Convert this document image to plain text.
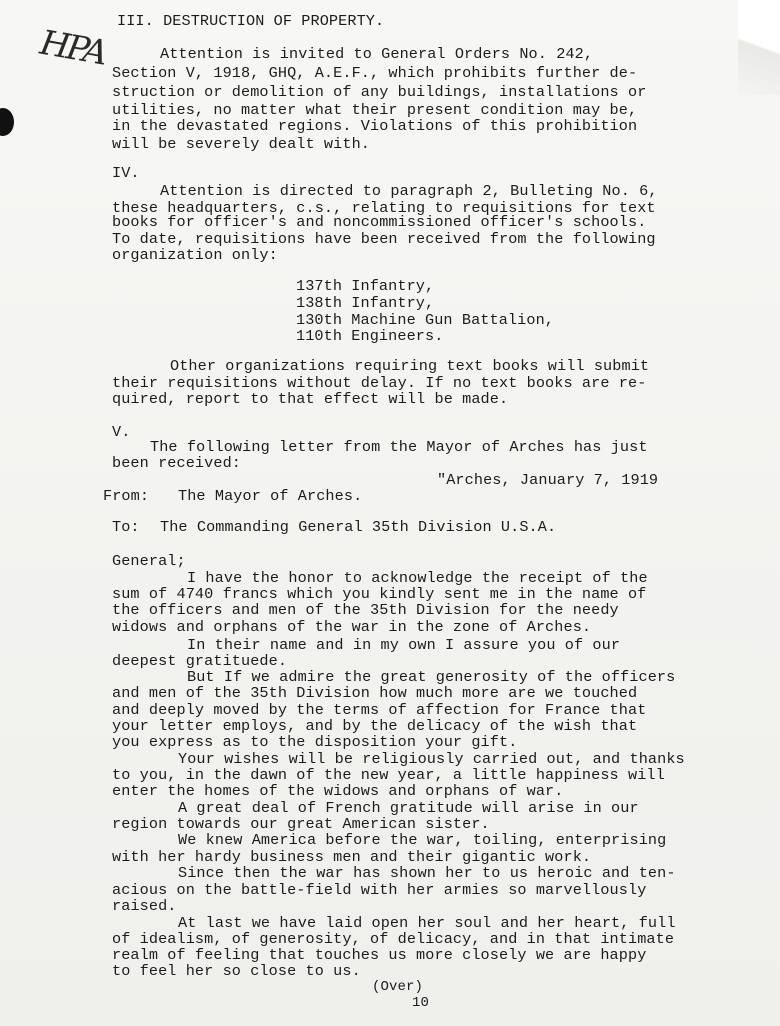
HPA
III. DESTRUCTION OF PROPERTY.
Attention is invited to General Orders No. 242,
Section V, 1918, GHQ, A.E.F., which prohibits further de-
struction or demolition of any buildings, installations or
utilities, no matter what their present condition may be,
in the devastated regions. Violations of this prohibition
will be severely dealt with.
IV.
Attention is directed to paragraph 2, Bulleting No. 6,
these headquarters, c.s., relating to requisitions for text
books for officer's and noncommissioned officer's schools.
To date, requisitions have been received from the following
organization only:
137th Infantry,
138th Infantry,
130th Machine Gun Battalion,
110th Engineers.
Other organizations requiring text books will submit
their requisitions without delay. If no text books are re-
quired, report to that effect will be made.
V.
The following letter from the Mayor of Arches has just
been received:
"Arches, January 7, 1919
From: The Mayor of Arches.
To: The Commanding General 35th Division U.S.A.
General;
I have the honor to acknowledge the receipt of the
sum of 4740 francs which you kindly sent me in the name of
the officers and men of the 35th Division for the needy
widows and orphans of the war in the zone of Arches.
In their name and in my own I assure you of our
deepest gratituede.
But If we admire the great generosity of the officers
and men of the 35th Division how much more are we touched
and deeply moved by the terms of affection for France that
your letter employs, and by the delicacy of the wish that
you express as to the disposition your gift.
Your wishes will be religiously carried out, and thanks
to you, in the dawn of the new year, a little happiness will
enter the homes of the widows and orphans of war.
A great deal of French gratitude will arise in our
region towards our great American sister.
We knew America before the war, toiling, enterprising
with her hardy business men and their gigantic work.
Since then the war has shown her to us heroic and ten-
acious on the battle-field with her armies so marvellously
raised.
At last we have laid open her soul and her heart, full
of idealism, of generosity, of delicacy, and in that intimate
realm of feeling that touches us more closely we are happy
to feel her so close to us.
(Over)
10
